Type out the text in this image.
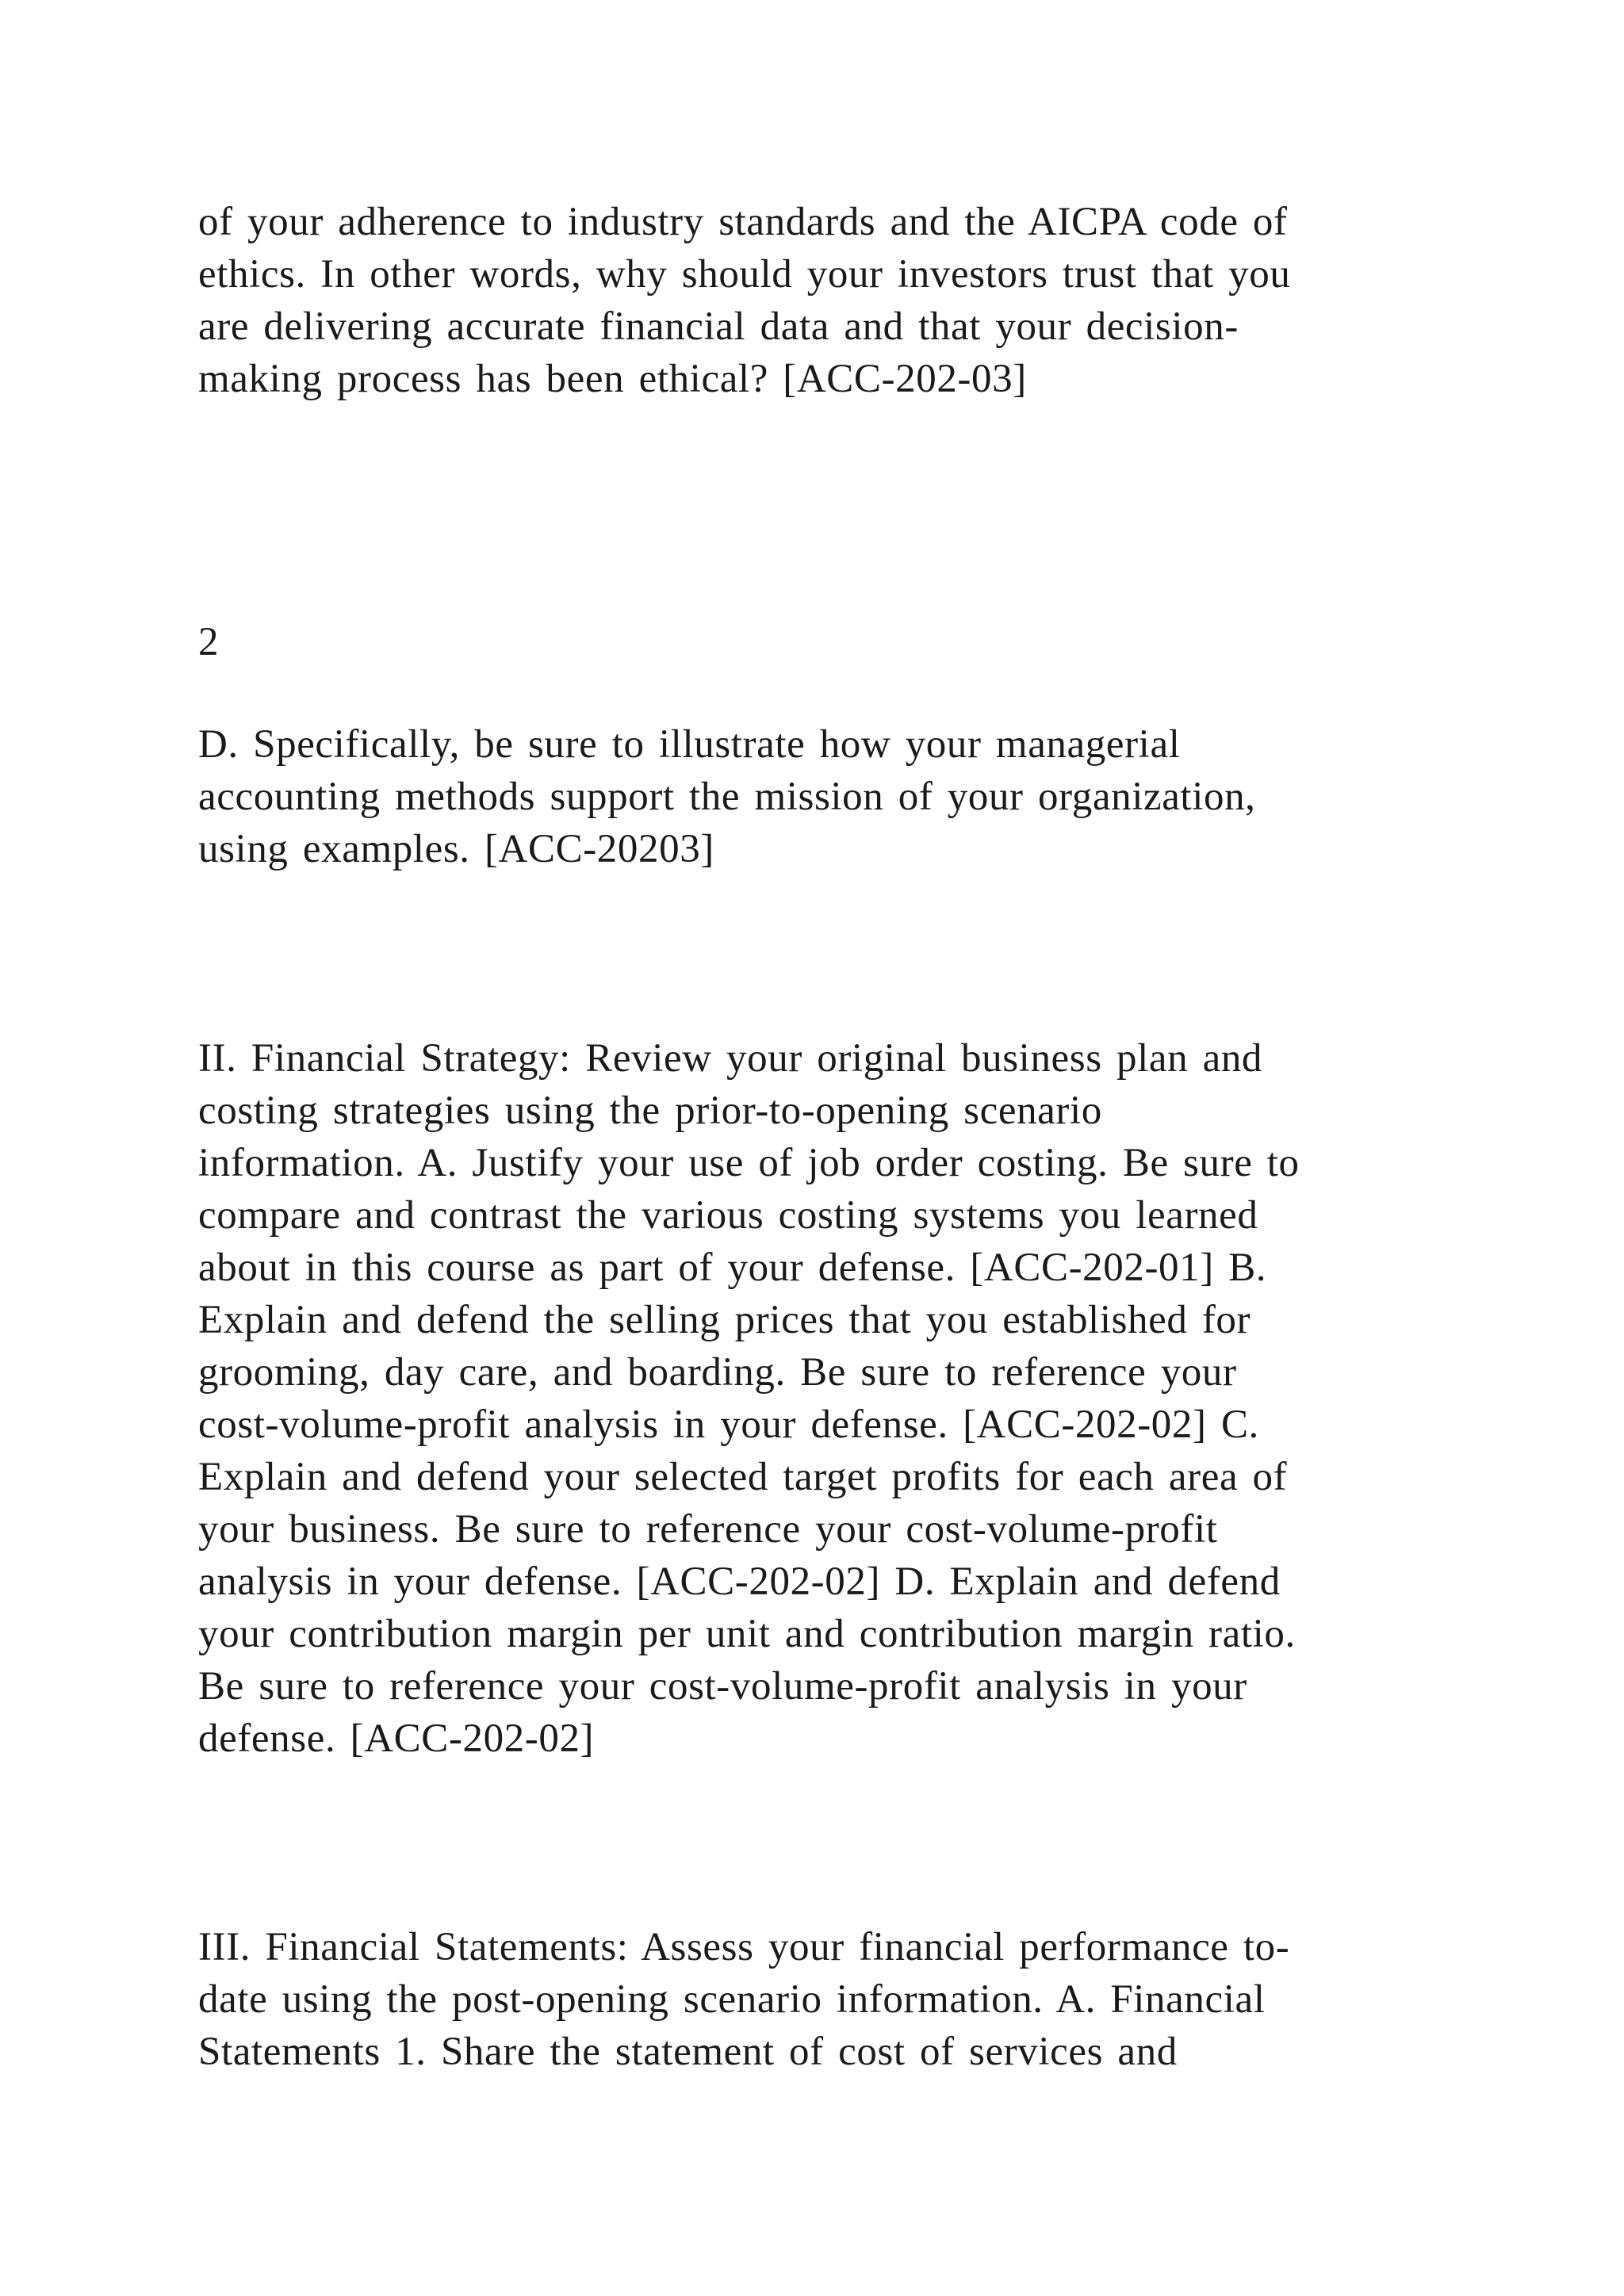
of your adherence to industry standards and the AICPA code of

ethics. In other words, why should your investors trust that you

are delivering accurate financial data and that your decision-

making process has been ethical? [ACC-202-03]

2

D. Specifically, be sure to illustrate how your managerial

accounting methods support the mission of your organization,

using examples. [ACC-20203]

II. Financial Strategy: Review your original business plan and

costing strategies using the prior-to-opening scenario

information. A. Justify your use of job order costing. Be sure to

compare and contrast the various costing systems you learned

about in this course as part of your defense. [ACC-202-01] B.

Explain and defend the selling prices that you established for

grooming, day care, and boarding. Be sure to reference your

cost-volume-profit analysis in your defense. [ACC-202-02] C.

Explain and defend your selected target profits for each area of

your business. Be sure to reference your cost-volume-profit

analysis in your defense. [ACC-202-02] D. Explain and defend

your contribution margin per unit and contribution margin ratio.

Be sure to reference your cost-volume-profit analysis in your

defense. [ACC-202-02]

III. Financial Statements: Assess your financial performance to-

date using the post-opening scenario information. A. Financial

Statements 1. Share the statement of cost of services and
